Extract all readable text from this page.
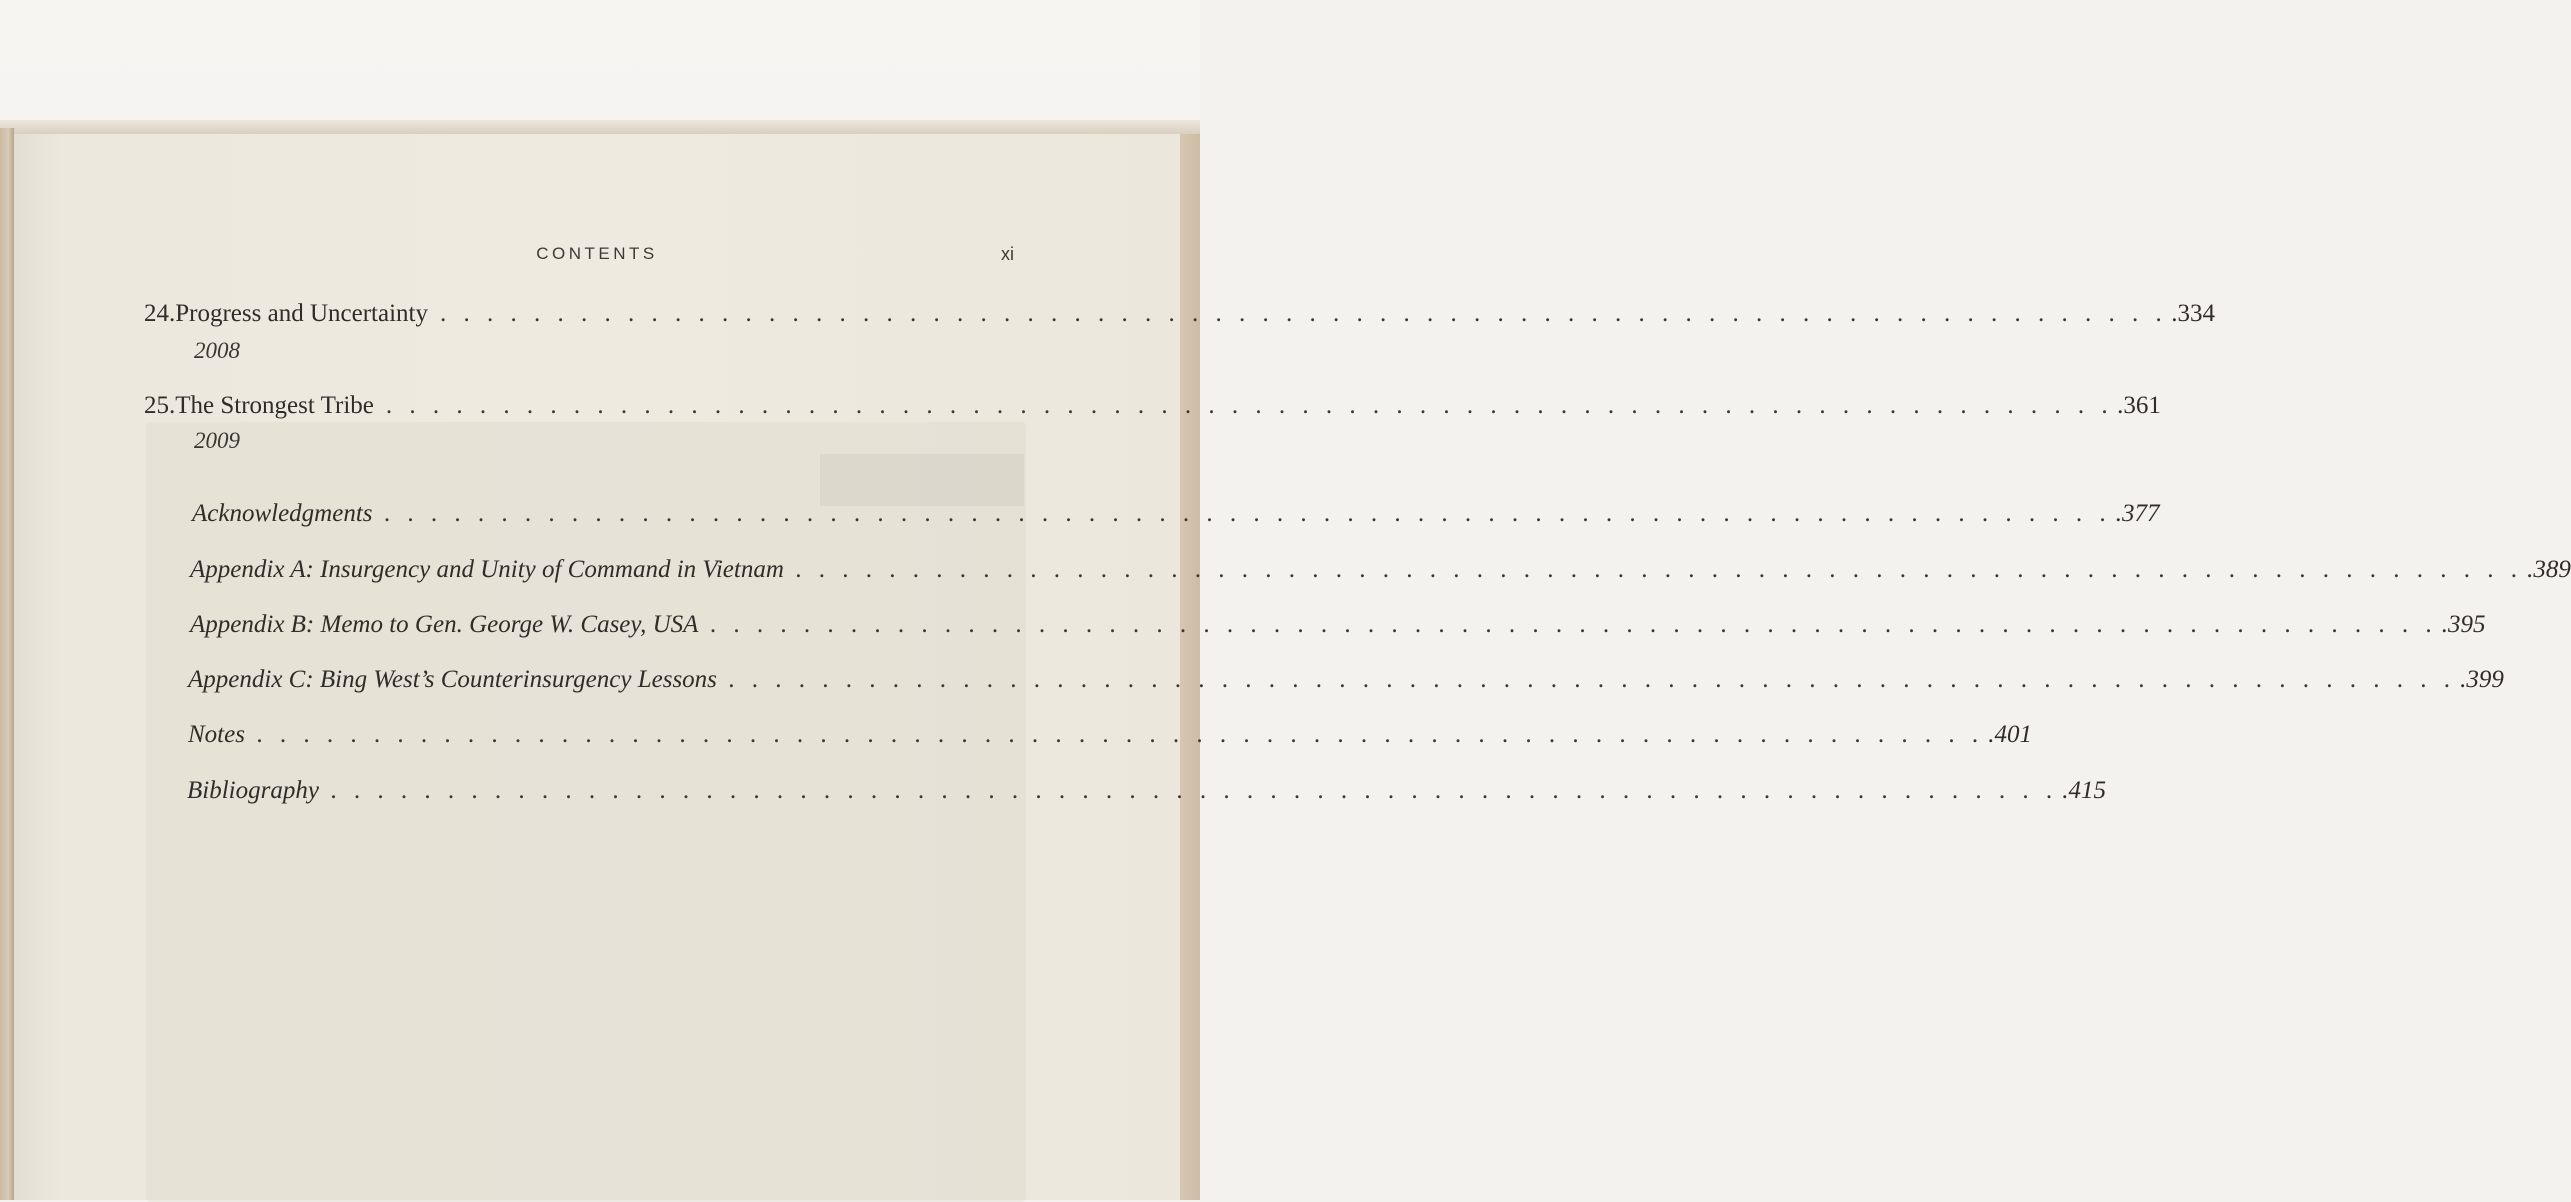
CONTENTS	xi
24. Progress and Uncertainty . . . . . . . . . . . . . . . . . . . . . . . . . . . . . . . . . . . . . . . . . . . . . . . . . . . . . . . . . . . . . . . . . . . . . . . . . . .334
2008
25. The Strongest Tribe . . . . . . . . . . . . . . . . . . . . . . . . . . . . . . . . . . . . . . . . . . . . . . . . . . . . . . . . . . . . . . . . . . . . . . . . . . .361
2009
Acknowledgments . . . . . . . . . . . . . . . . . . . . . . . . . . . . . . . . . . . . . . . . . . . . . . . . . . . . . . . . . . . . . . . . . . . . . . . . . . .377
Appendix A: Insurgency and Unity of Command in Vietnam . . . . . . . . . . . . . . . . . . . . . . . . . . . . . . . . . . . . . . . . . . . . . . . . . . . . . . . . . . . . . . . . . . . . . . . . . . .389
Appendix B: Memo to Gen. George W. Casey, USA . . . . . . . . . . . . . . . . . . . . . . . . . . . . . . . . . . . . . . . . . . . . . . . . . . . . . . . . . . . . . . . . . . . . . . . . . . .395
Appendix C: Bing West’s Counterinsurgency Lessons . . . . . . . . . . . . . . . . . . . . . . . . . . . . . . . . . . . . . . . . . . . . . . . . . . . . . . . . . . . . . . . . . . . . . . . . . . .399
Notes . . . . . . . . . . . . . . . . . . . . . . . . . . . . . . . . . . . . . . . . . . . . . . . . . . . . . . . . . . . . . . . . . . . . . . . . . . .401
Bibliography . . . . . . . . . . . . . . . . . . . . . . . . . . . . . . . . . . . . . . . . . . . . . . . . . . . . . . . . . . . . . . . . . . . . . . . . . . .415
